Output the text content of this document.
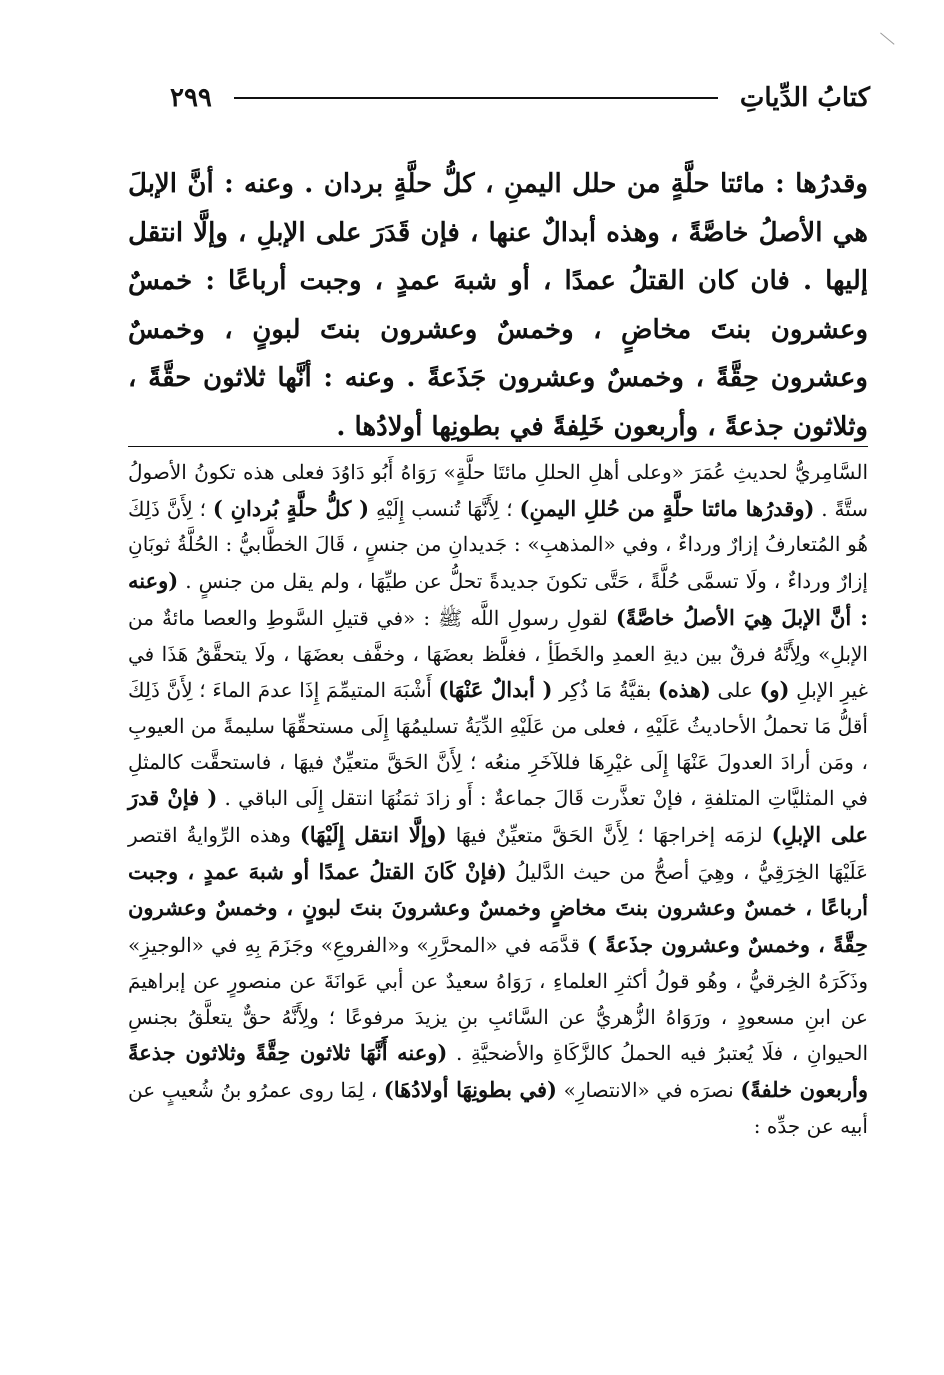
كتابُ الدِّياتِ
٢٩٩
وقدرُها : مائتا حلَّةٍ من حلل اليمنِ ، كلُّ حلَّةٍ بردان . وعنه : أنَّ الإبلَ هي الأصلُ خاصَّةً ، وهذه أبدالٌ عنها ، فإن قَدَرَ على الإبلِ ، وإلَّا انتقل إليها . فان كان القتلُ عمدًا ، أو شبهَ عمدٍ ، وجبت أرباعًا : خمسٌ وعشرون بنتَ مخاضٍ ، وخمسٌ وعشرون بنتَ لبونٍ ، وخمسٌ وعشرون حِقَّةً ، وخمسٌ وعشرون جَذَعةً . وعنه : أنَّها ثلاثون حقَّةً ، وثلاثون جذعةً ، وأربعون خَلِفةً في بطونِها أولادُها .
السَّامِريُّ لحديثِ عُمَرَ «وعلى أهلِ الحللِ مائتَا حلَّةٍ» رَوَاهُ أَبُو دَاوُدَ فعلى هذه تكونُ الأصولُ ستَّةً . (وقدرُها مائتا حلَّةٍ من حُللِ اليمنِ) ؛ لِأَنَّهَا تُنسب إِلَيْهِ ( كلُّ حلَّةٍ بُردانِ ) ؛ لِأَنَّ ذَلِكَ هُو المُتعارفُ إزارٌ ورداءٌ ، وفي «المذهبِ» : جَديدانِ من جنسٍ ، قَالَ الخطَّابيُّ : الحُلَّةُ ثوبَانِ إزارٌ ورداءٌ ، ولَا تسمَّى حُلَّةً ، حَتَّى تكونَ جديدةً تحلُّ عن طيِّهَا ، ولم يقل من جنسٍ . (وعنه : أنَّ الإبلَ هِيَ الأصلُ خاصَّةً) لقولِ رسولِ اللَّه ﷺ : «في قتيلِ السَّوطِ والعصا مائةٌ من الإبلِ» ولِأَنَّهُ فرقٌ بين ديةِ العمدِ والخَطَأِ ، فغلَّظ بعضَهَا ، وخفَّف بعضَهَا ، ولَا يتحقَّقُ هَذَا في غيرِ الإبلِ (و) على (هذه) بقيَّةُ مَا ذُكِر ( أبدالٌ عَنْهَا) أَشْبَهَ المتيمِّمَ إِذَا عدمَ الماءَ ؛ لِأَنَّ ذَلِكَ أقلُّ مَا تحملُ الأحاديثُ عَلَيْهِ ، فعلى من عَلَيْهِ الدِّيَةُ تسليمُهَا إِلَى مستحقِّهَا سليمةً من العيوبِ ، ومَن أرادَ العدولَ عَنْهَا إِلَى غيْرِهَا فللآخَرِ منعُه ؛ لِأَنَّ الحَقَّ متعيِّنٌ فيهَا ، فاستحقَّت كالمثلِ في المثليَّاتِ المتلفةِ ، فإنْ تعذَّرت قَالَ جماعةٌ : أَو زادَ ثمَنُهَا انتقل إِلَى الباقي . ( فإنْ قدرَ على الإبلِ) لزمَه إخراجهَا ؛ لِأَنَّ الحَقَّ متعيِّنٌ فيهَا (وإلَّا انتقل إِلَيْهَا) وهذه الرِّوايةُ اقتصر عَلَيْهَا الخِرَقِيُّ ، وهِيَ أصحُّ من حيث الدَّليلُ (فإنْ كَانَ القتلُ عمدًا أو شبهَ عمدٍ ، وجبت أرباعًا ، خمسٌ وعشرون بنتَ مخاضٍ وخمسٌ وعشرونَ بنتَ لبونٍ ، وخمسٌ وعشرون حِقَّةً ، وخمسٌ وعشرون جذَعةً ) قدَّمَه في «المحرَّرِ» و«الفروعِ» وجَزَمَ بِهِ في «الوجيزِ» وذَكَرَهُ الخِرقيُّ ، وهُو قولُ أكثرِ العلماءِ ، رَوَاهُ سعيدٌ عن أبي عَوانَةَ عن منصورٍ عن إبراهيمَ عن ابنِ مسعودٍ ، ورَوَاهُ الزُّهريُّ عن السَّائبِ بنِ يزيدَ مرفوعًا ؛ ولِأَنَّهُ حقٌّ يتعلَّقُ بجنسِ الحيوانِ ، فلَا يُعتبرُ فيه الحملُ كالزَّكَاةِ والأضحيَّةِ . (وعنه أَنَّهَا ثلاثون حِقَّةً وثلاثون جذعةً وأربعون خلفةً) نصرَه في «الانتصارِ» (في بطونِهَا أولادُهَا) ، لِمَا روى عمرُو بنُ شُعيبٍ عن أبيه عن جدِّه :
